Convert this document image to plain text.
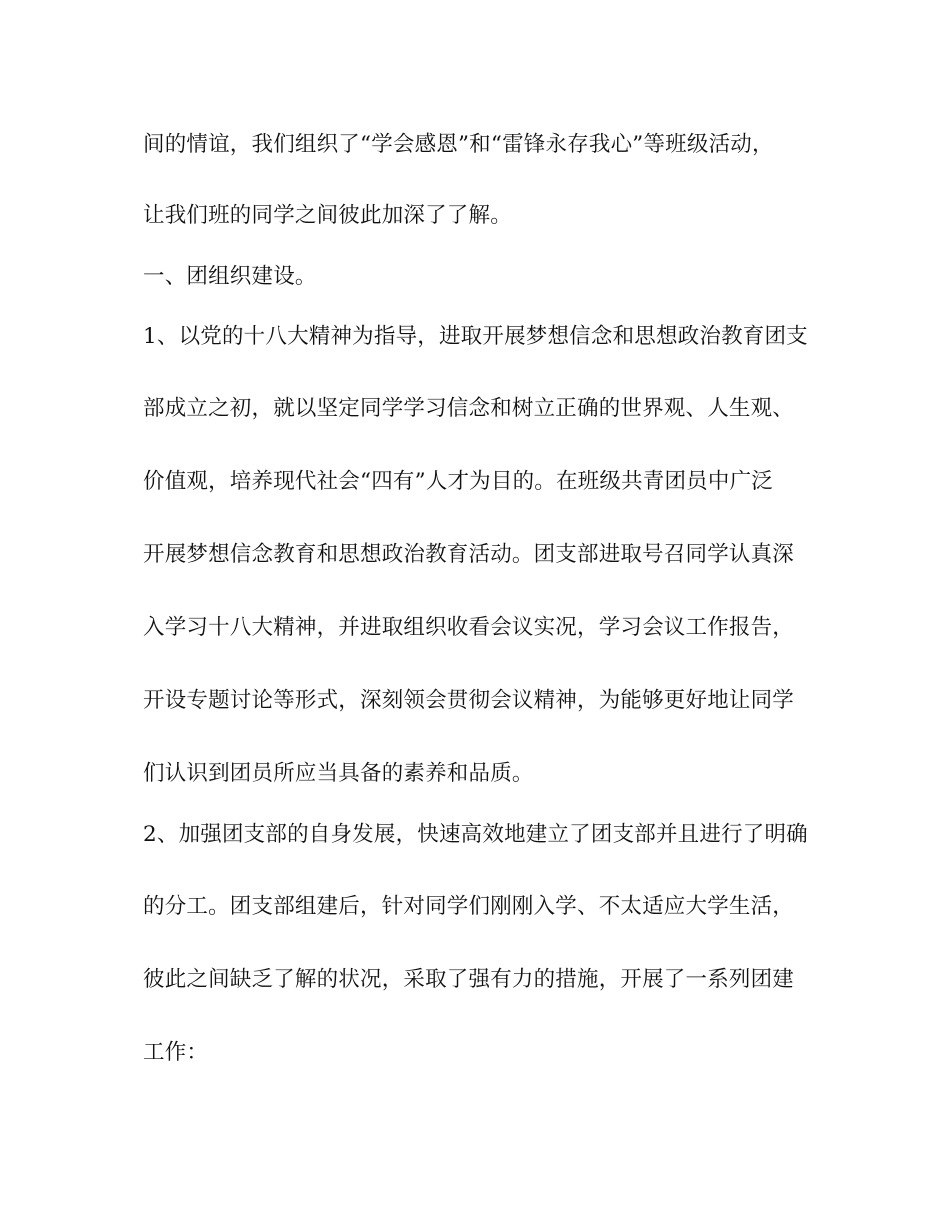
间的情谊，我们组织了“学会感恩”和“雷锋永存我心”等班级活动，
让我们班的同学之间彼此加深了了解。
一、团组织建设。
1、以党的十八大精神为指导，进取开展梦想信念和思想政治教育团支
部成立之初，就以坚定同学学习信念和树立正确的世界观、人生观、
价值观，培养现代社会“四有”人才为目的。在班级共青团员中广泛
开展梦想信念教育和思想政治教育活动。团支部进取号召同学认真深
入学习十八大精神，并进取组织收看会议实况，学习会议工作报告，
开设专题讨论等形式，深刻领会贯彻会议精神，为能够更好地让同学
们认识到团员所应当具备的素养和品质。
2、加强团支部的自身发展，快速高效地建立了团支部并且进行了明确
的分工。团支部组建后，针对同学们刚刚入学、不太适应大学生活，
彼此之间缺乏了解的状况，采取了强有力的措施，开展了一系列团建
工作：
